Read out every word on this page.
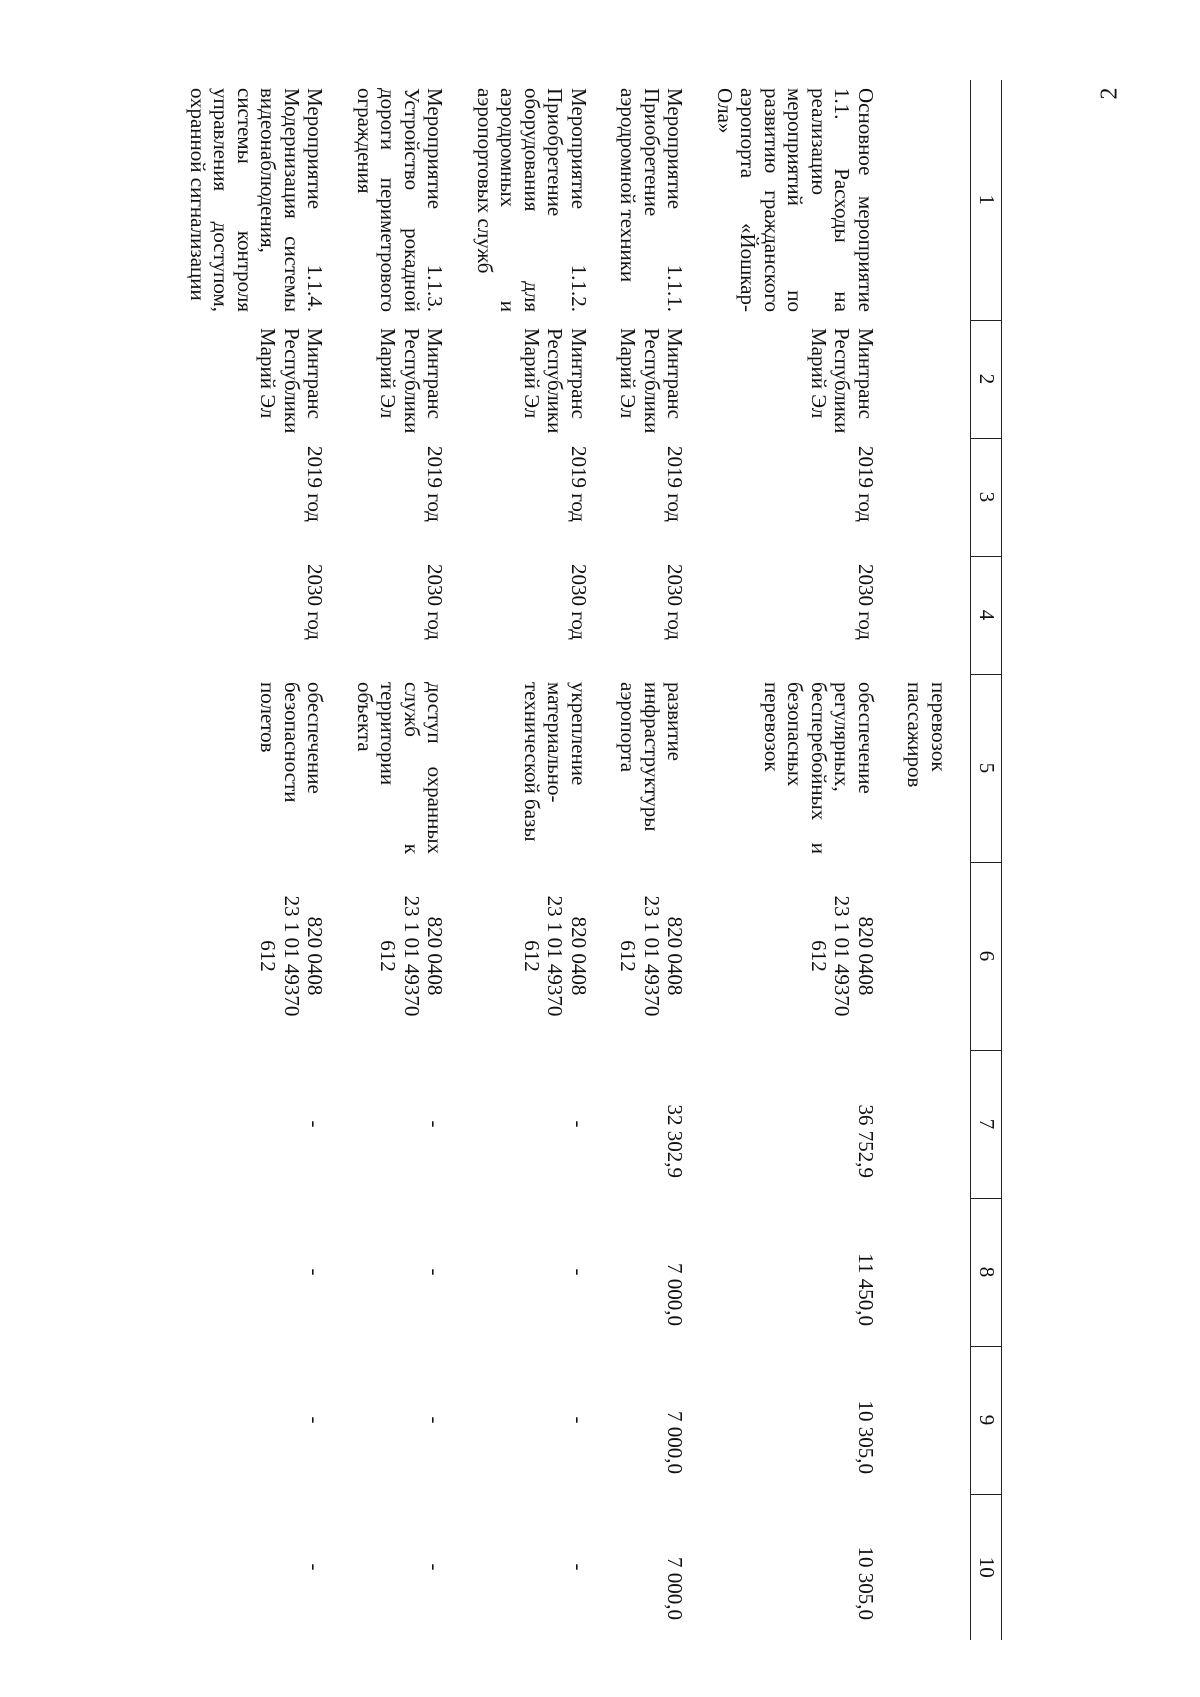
2
1	2	3	4	5	6	7	8	9	10

				перевозок
пассажиров					
Основное мероприятие 1.1. Расходы на реализацию мероприятий по развитию гражданского аэропорта «Йошкар-Ола»	Минтранс
Республики
Марий Эл	2019 год	2030 год	обеспечение регулярных, бесперебойных и безопасных перевозок	820 0408
23 1 01 49370
612	36 752,9	11 450,0	10 305,0	10 305,0
Мероприятие 1.1.1. Приобретение аэродромной техники	Минтранс
Республики
Марий Эл	2019 год	2030 год	развитие инфраструктуры аэропорта	820 0408
23 1 01 49370
612	32 302,9	7 000,0	7 000,0	7 000,0
Мероприятие 1.1.2. Приобретение оборудования для аэродромных и аэропортовых служб	Минтранс
Республики
Марий Эл	2019 год	2030 год	укрепление материально-технической базы	820 0408
23 1 01 49370
612	-	-	-	-
Мероприятие 1.1.3. Устройство рокадной дороги периметрового ограждения	Минтранс
Республики
Марий Эл	2019 год	2030 год	доступ охранных служб к территории объекта	820 0408
23 1 01 49370
612	-	-	-	-
Мероприятие 1.1.4. Модернизация системы видеонаблюдения, системы контроля управления доступом, охранной сигнализации	Минтранс
Республики
Марий Эл	2019 год	2030 год	обеспечение безопасности полетов	820 0408
23 1 01 49370
612	-	-	-	-
